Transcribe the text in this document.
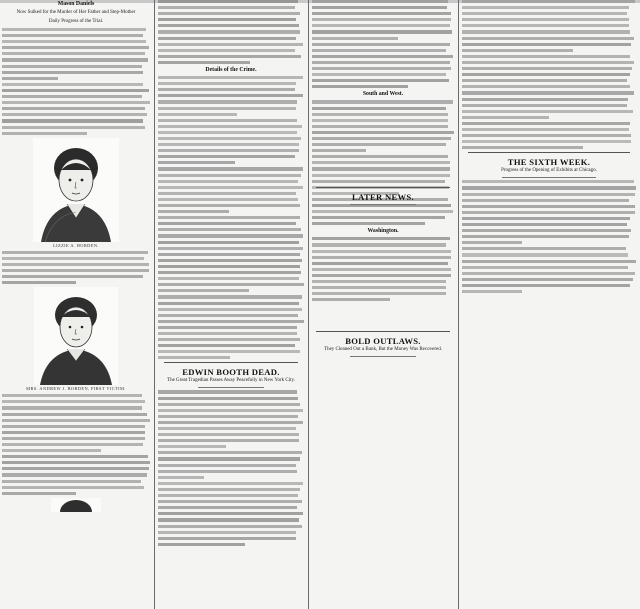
Mason Daniels
Now Sulked for the Murder of Her Father and Step-Mother
Daily Progress of the Trial.

LIZZIE A. BORDEN.

MRS. ANDREW J. BORDEN, FIRST VICTIM.

Details of the Crime.

EDWIN BOOTH DEAD.
The Great Tragedian Passes Away Peacefully in New York City.

South and West.

Washington.

THE SIXTH WEEK.
Progress of the Opening of Exhibits at Chicago.

LATER NEWS.
BOLD OUTLAWS.
They Cleaned Out a Bank, But the Money Was Recovered.
